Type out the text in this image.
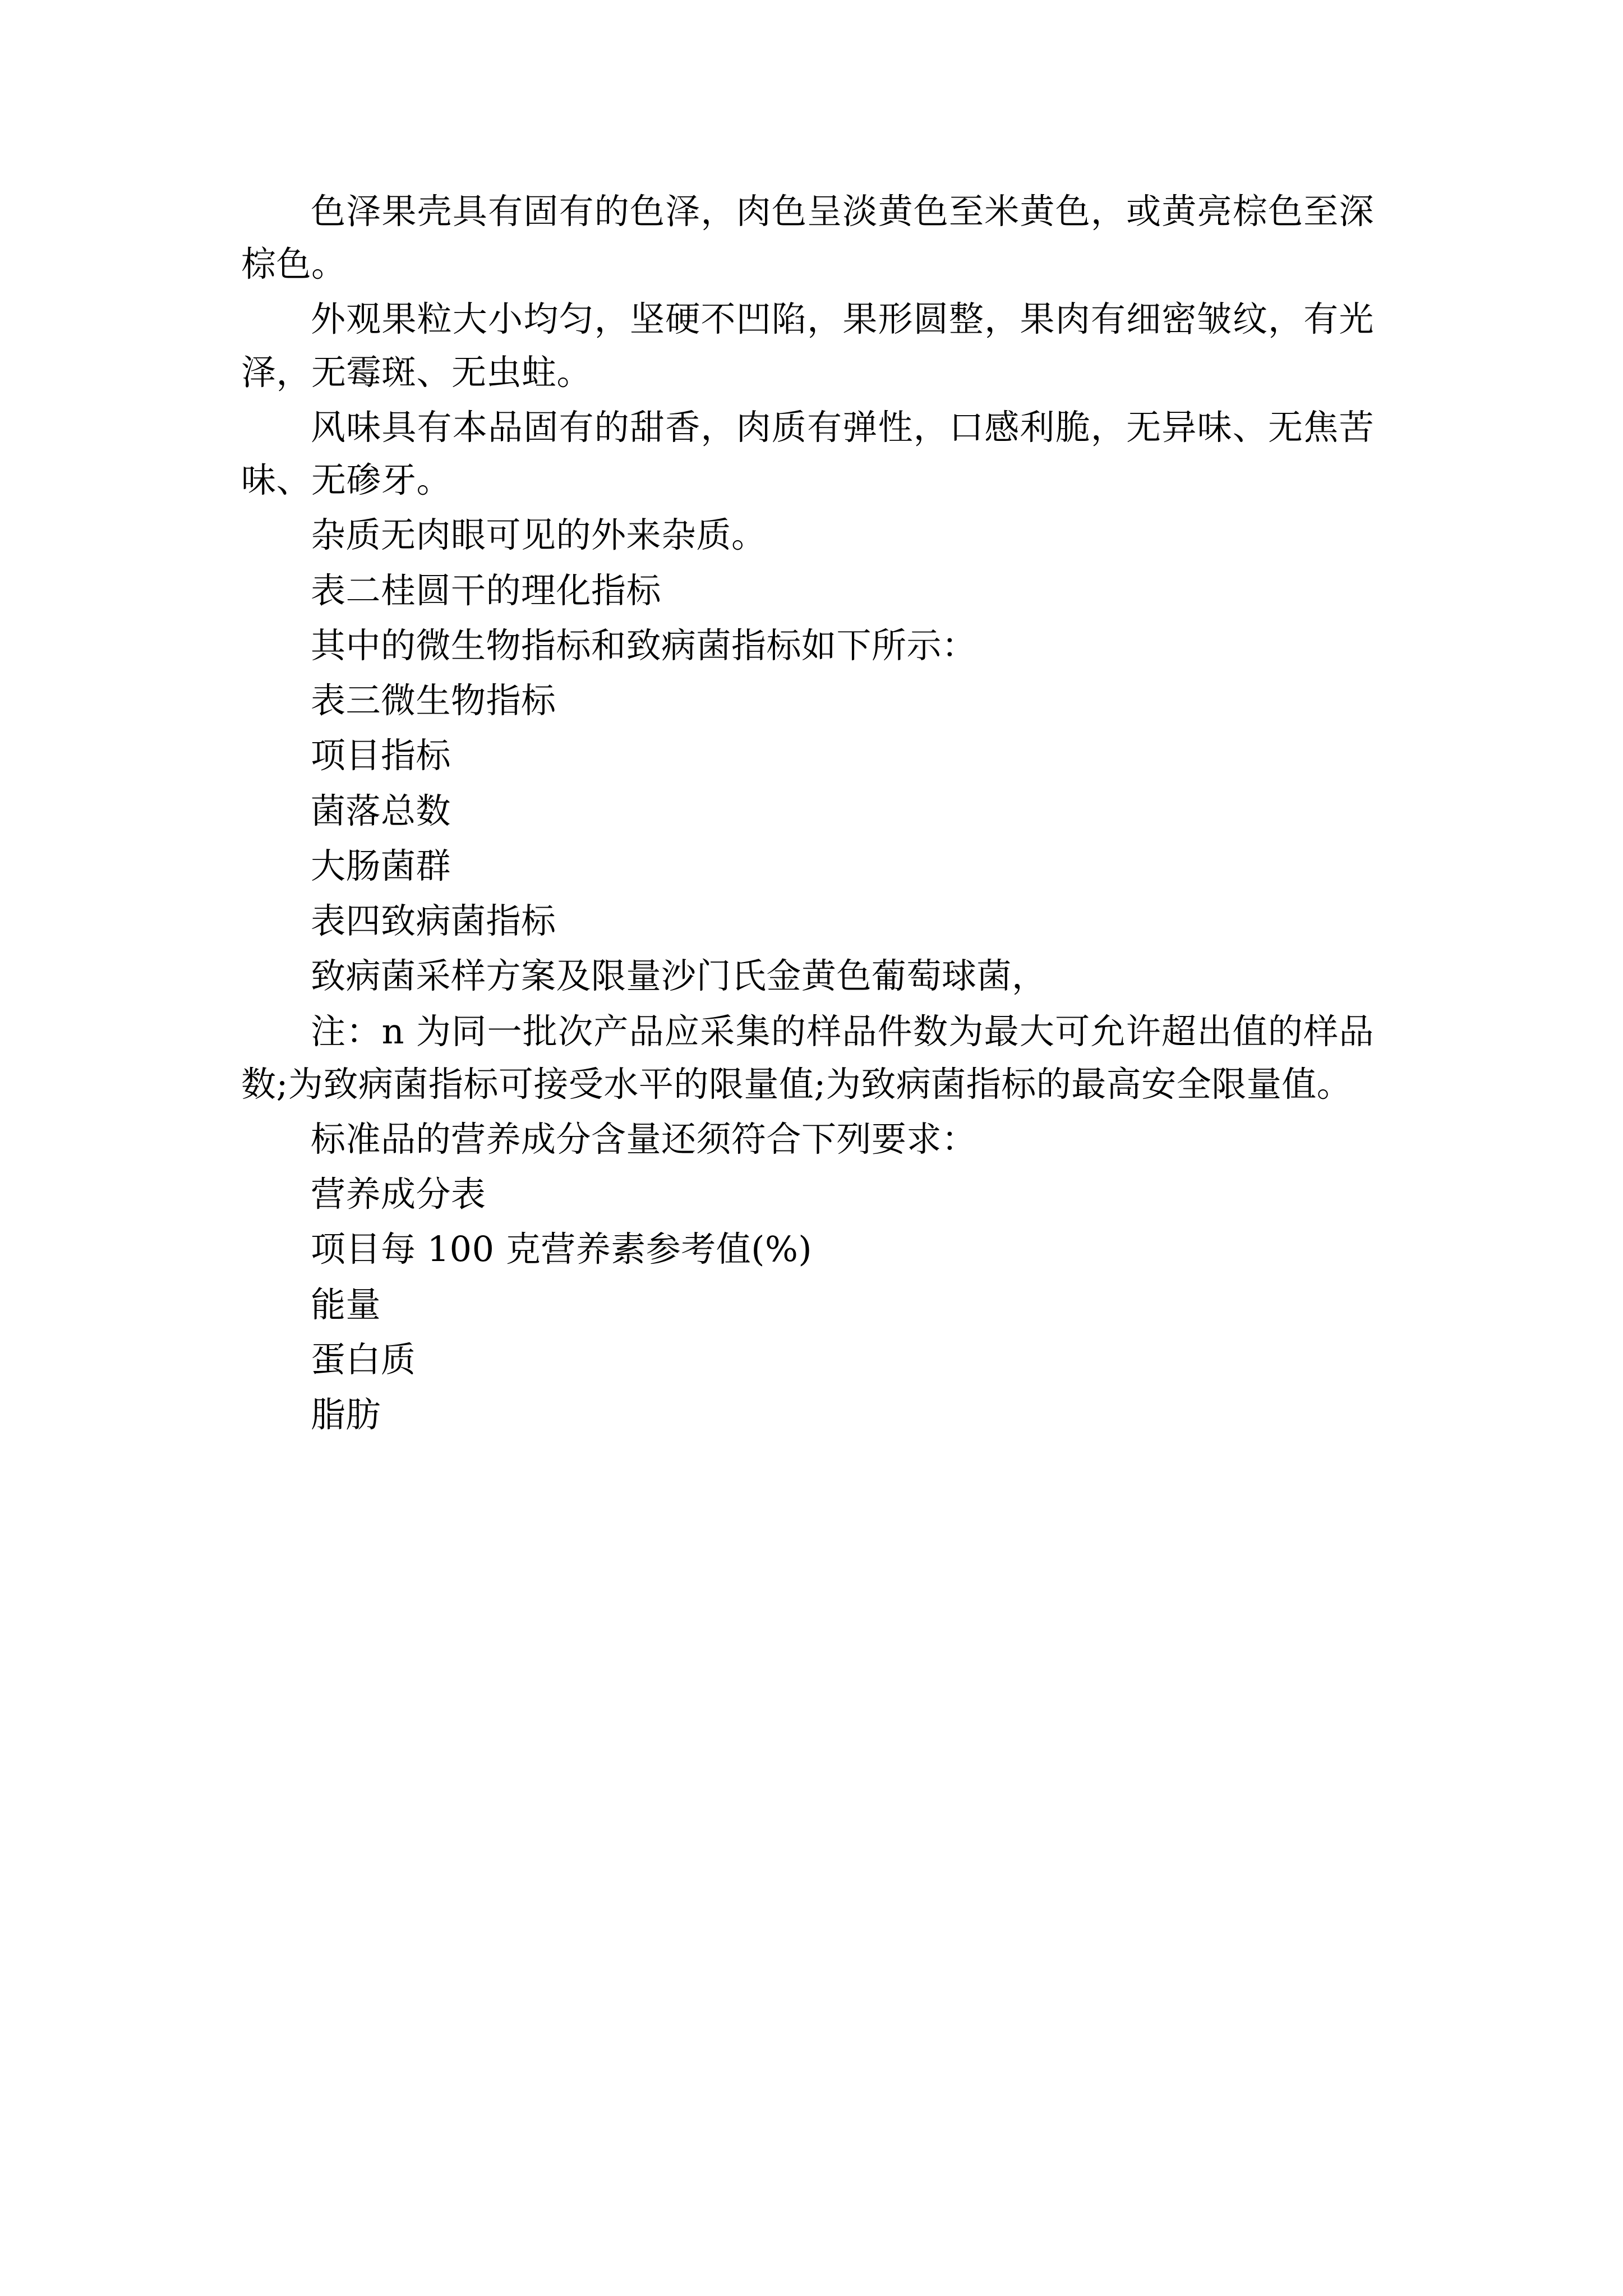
色泽果壳具有固有的色泽，肉色呈淡黄色至米黄色，或黄亮棕色至深棕色。
外观果粒大小均匀，坚硬不凹陷，果形圆整，果肉有细密皱纹，有光泽，无霉斑、无虫蛀。
风味具有本品固有的甜香，肉质有弹性，口感利脆，无异味、无焦苦味、无碜牙。
杂质无肉眼可见的外来杂质。
表二桂圆干的理化指标
其中的微生物指标和致病菌指标如下所示：
表三微生物指标
项目指标
菌落总数
大肠菌群
表四致病菌指标
致病菌采样方案及限量沙门氏金黄色葡萄球菌，
注：n 为同一批次产品应采集的样品件数为最大可允许超出值的样品数;为致病菌指标可接受水平的限量值;为致病菌指标的最高安全限量值。
标准品的营养成分含量还须符合下列要求：
营养成分表
项目每 100 克营养素参考值(%)
能量
蛋白质
脂肪
